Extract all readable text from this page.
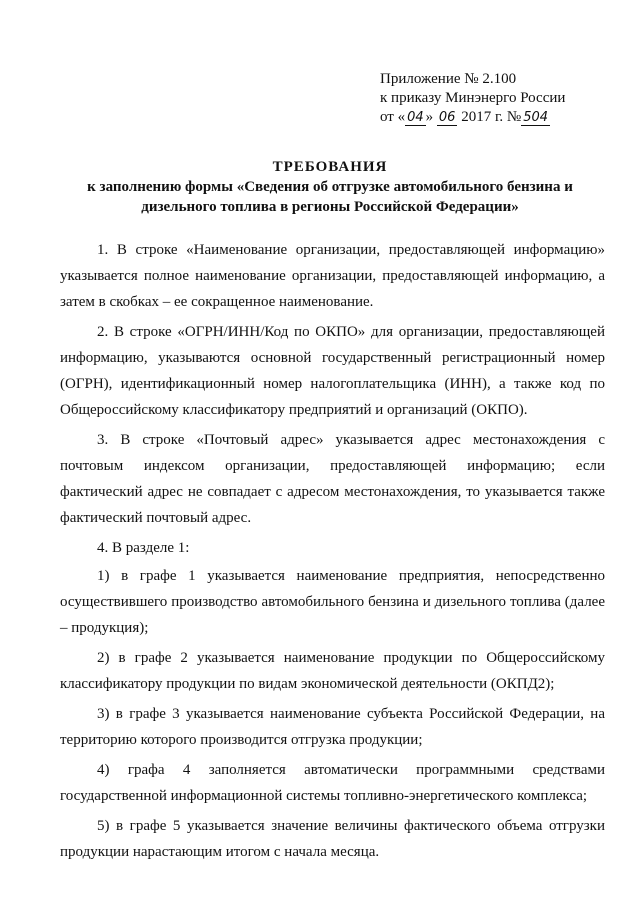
Приложение № 2.100
к приказу Минэнерго России
от « 04 » 06 2017 г. № 504
ТРЕБОВАНИЯ
к заполнению формы «Сведения об отгрузке автомобильного бензина и
дизельного топлива в регионы Российской Федерации»

1. В строке «Наименование организации, предоставляющей информацию» указывается полное наименование организации, предоставляющей информацию, а затем в скобках – ее сокращенное наименование.

2. В строке «ОГРН/ИНН/Код по ОКПО» для организации, предоставляющей информацию, указываются основной государственный регистрационный номер (ОГРН), идентификационный номер налогоплательщика (ИНН), а также код по Общероссийскому классификатору предприятий и организаций (ОКПО).

3. В строке «Почтовый адрес» указывается адрес местонахождения с почтовым индексом организации, предоставляющей информацию; если фактический адрес не совпадает с адресом местонахождения, то указывается также фактический почтовый адрес.

4. В разделе 1:

1) в графе 1 указывается наименование предприятия, непосредственно осуществившего производство автомобильного бензина и дизельного топлива (далее – продукция);

2) в графе 2 указывается наименование продукции по Общероссийскому классификатору продукции по видам экономической деятельности (ОКПД2);

3) в графе 3 указывается наименование субъекта Российской Федерации, на территорию которого производится отгрузка продукции;

4) графа 4 заполняется автоматически программными средствами государственной информационной системы топливно-энергетического комплекса;

5) в графе 5 указывается значение величины фактического объема отгрузки продукции нарастающим итогом с начала месяца.
